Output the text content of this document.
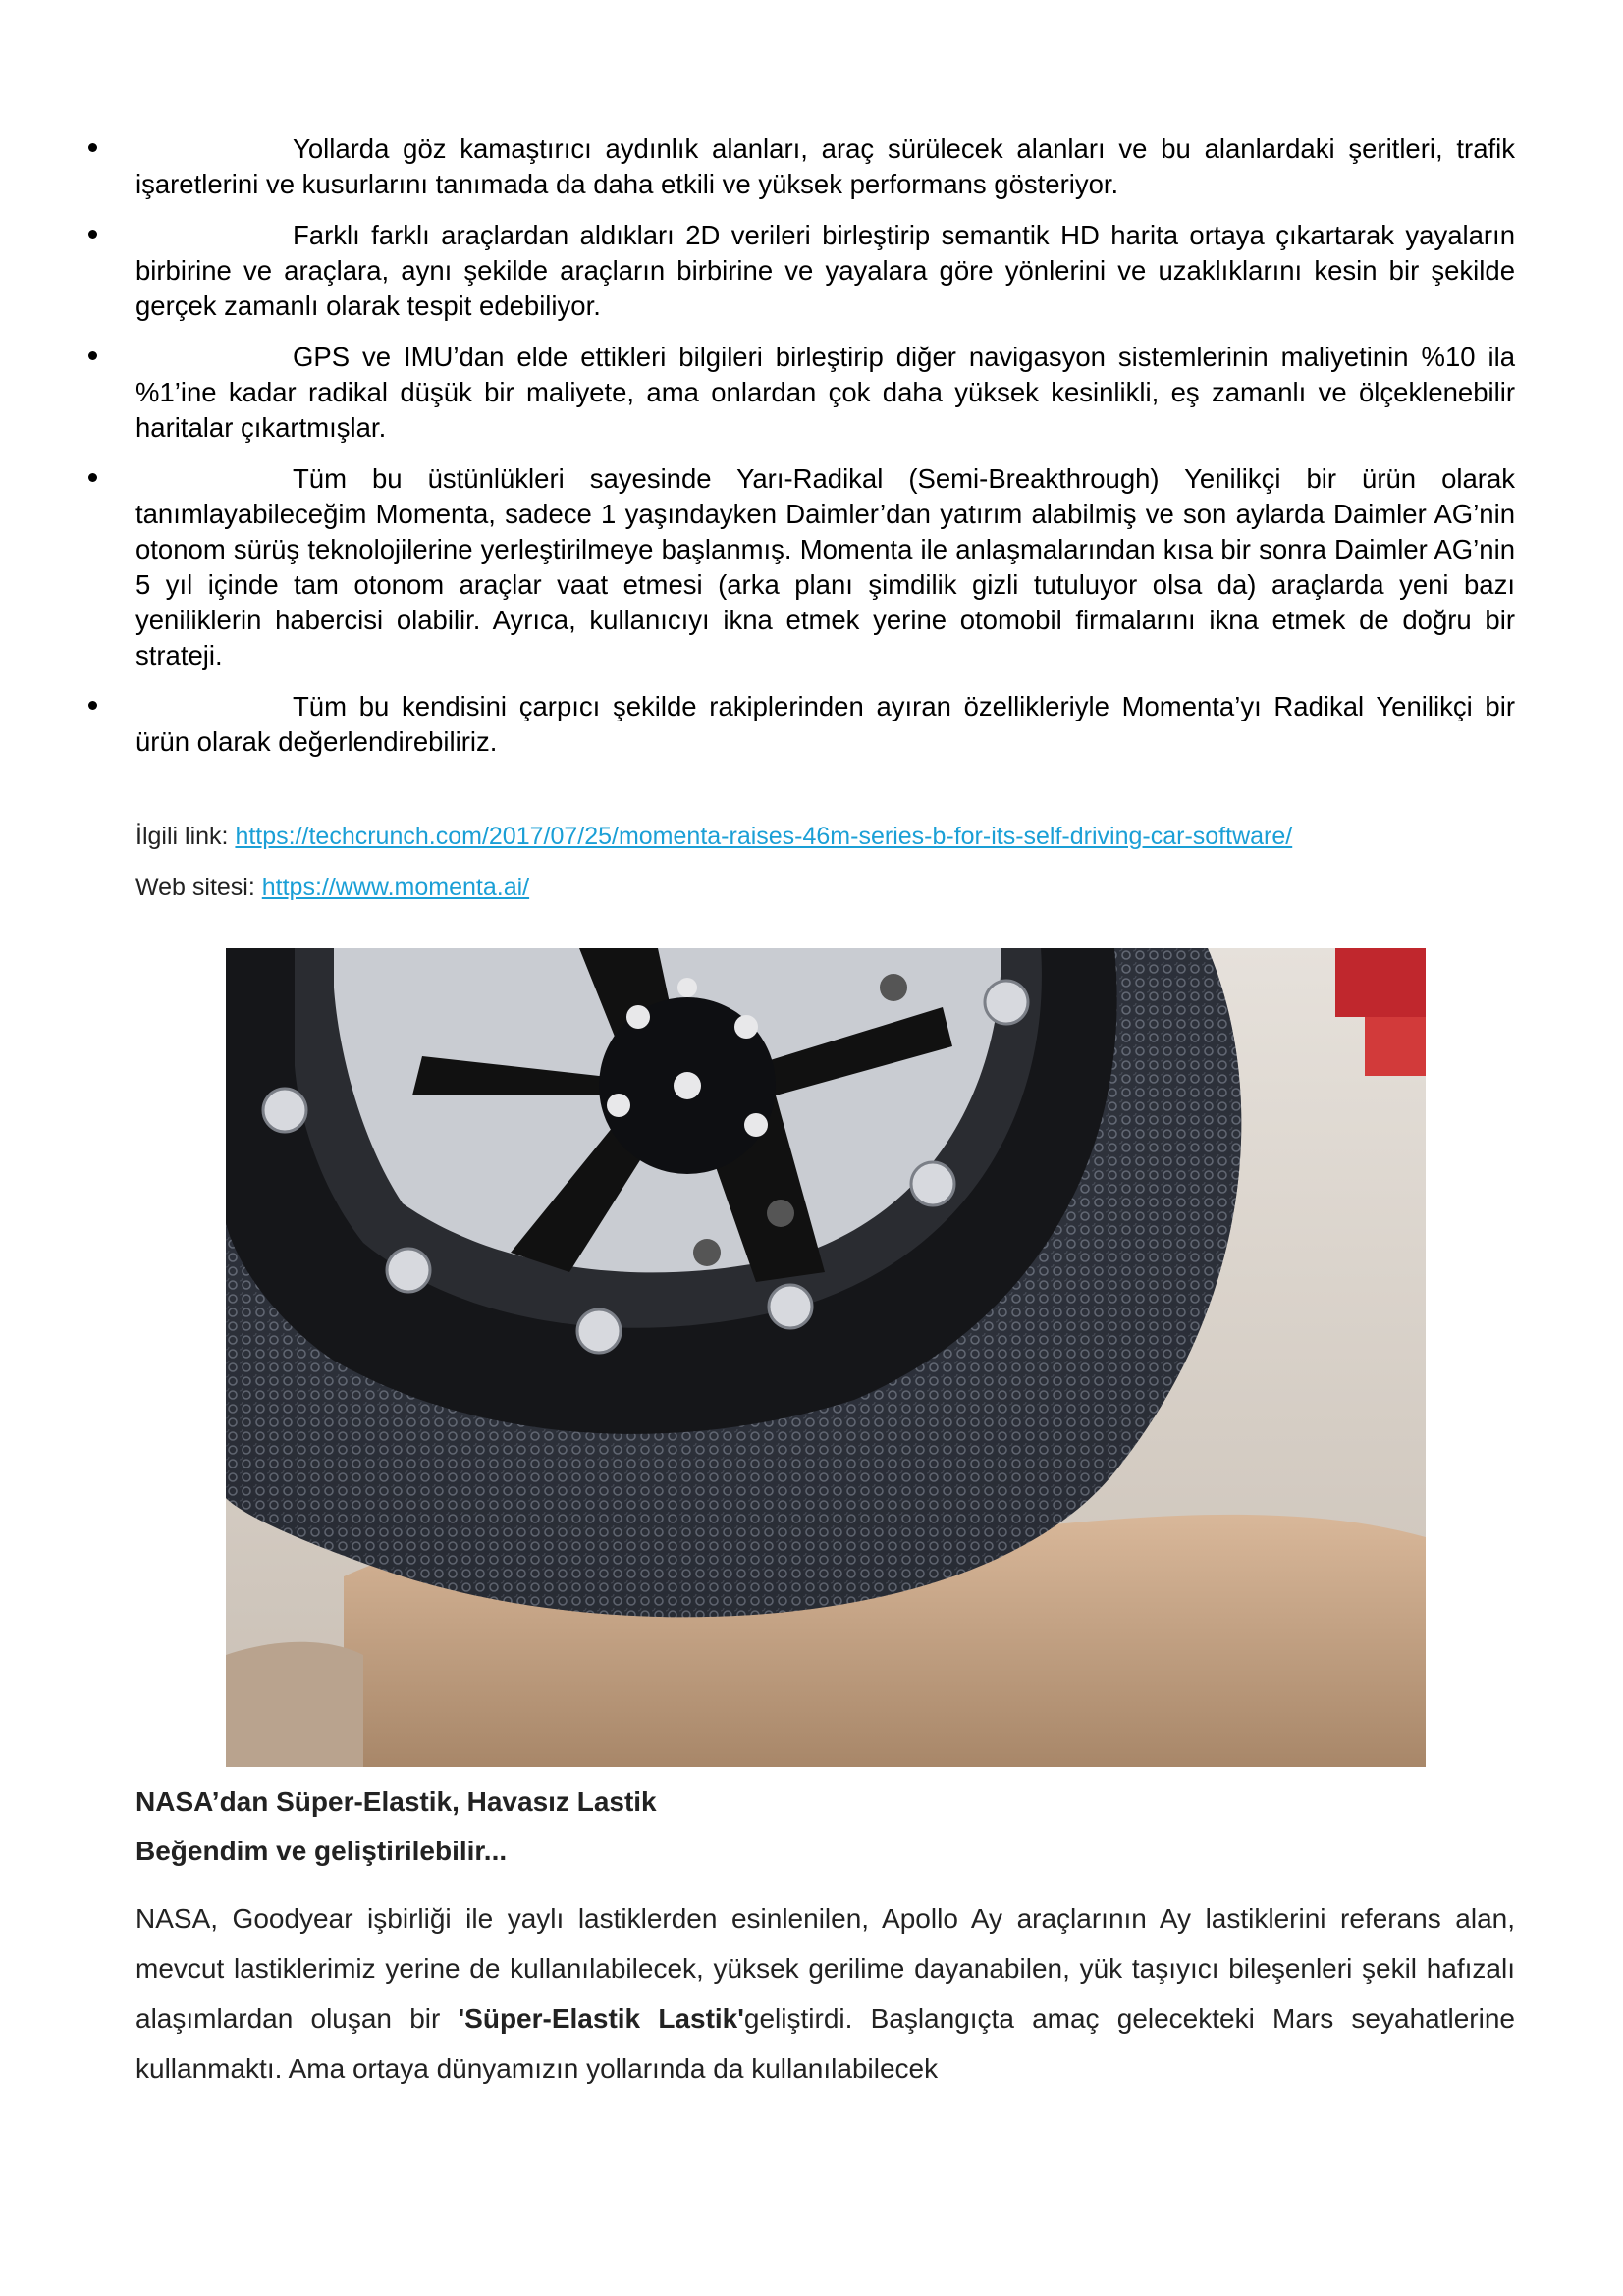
Yollarda göz kamaştırıcı aydınlık alanları, araç sürülecek alanları ve bu alanlardaki şeritleri, trafik işaretlerini ve kusurlarını tanımada da daha etkili ve yüksek performans gösteriyor.
Farklı farklı araçlardan aldıkları 2D verileri birleştirip semantik HD harita ortaya çıkartarak yayaların birbirine ve araçlara, aynı şekilde araçların birbirine ve yayalara göre yönlerini ve uzaklıklarını kesin bir şekilde gerçek zamanlı olarak tespit edebiliyor.
GPS ve IMU’dan elde ettikleri bilgileri birleştirip diğer navigasyon sistemlerinin maliyetinin %10 ila %1’ine kadar radikal düşük bir maliyete, ama onlardan çok daha yüksek kesinlikli, eş zamanlı ve ölçeklenebilir haritalar çıkartmışlar.
Tüm bu üstünlükleri sayesinde Yarı-Radikal (Semi-Breakthrough) Yenilikçi bir ürün olarak tanımlayabileceğim Momenta, sadece 1 yaşındayken Daimler’dan yatırım alabilmiş ve son aylarda Daimler AG’nin otonom sürüş teknolojilerine yerleştirilmeye başlanmış. Momenta ile anlaşmalarından kısa bir sonra Daimler AG’nin 5 yıl içinde tam otonom araçlar vaat etmesi (arka planı şimdilik gizli tutuluyor olsa da) araçlarda yeni bazı yeniliklerin habercisi olabilir. Ayrıca, kullanıcıyı ikna etmek yerine otomobil firmalarını ikna etmek de doğru bir strateji.
Tüm bu kendisini çarpıcı şekilde rakiplerinden ayıran özellikleriyle Momenta’yı Radikal Yenilikçi bir ürün olarak değerlendirebiliriz.
İlgili link: https://techcrunch.com/2017/07/25/momenta-raises-46m-series-b-for-its-self-driving-car-software/
Web sitesi: https://www.momenta.ai/
NASA’dan Süper-Elastik, Havasız Lastik
Beğendim ve geliştirilebilir...

NASA, Goodyear işbirliği ile yaylı lastiklerden esinlenilen, Apollo Ay araçlarının Ay lastiklerini referans alan, mevcut lastiklerimiz yerine de kullanılabilecek, yüksek gerilime dayanabilen, yük taşıyıcı bileşenleri şekil hafızalı alaşımlardan oluşan bir 'Süper-Elastik Lastik'geliştirdi. Başlangıçta amaç gelecekteki Mars seyahatlerine kullanmaktı. Ama ortaya dünyamızın yollarında da kullanılabilecek
